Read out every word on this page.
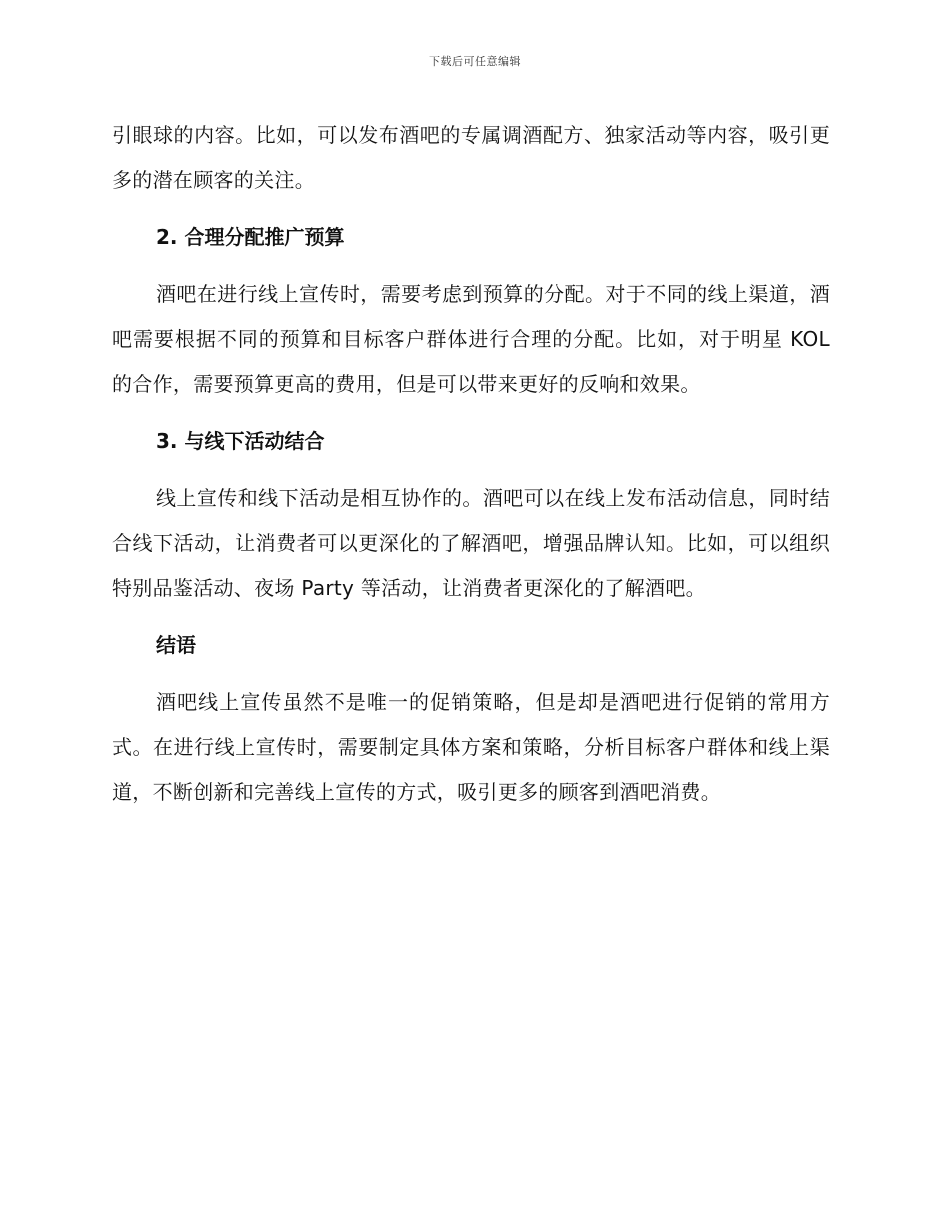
下载后可任意编辑

引眼球的内容。比如，可以发布酒吧的专属调酒配方、独家活动等内容，吸引更多的潜在顾客的关注。

2. 合理分配推广预算

酒吧在进行线上宣传时，需要考虑到预算的分配。对于不同的线上渠道，酒吧需要根据不同的预算和目标客户群体进行合理的分配。比如，对于明星 KOL 的合作，需要预算更高的费用，但是可以带来更好的反响和效果。

3. 与线下活动结合

线上宣传和线下活动是相互协作的。酒吧可以在线上发布活动信息，同时结合线下活动，让消费者可以更深化的了解酒吧，增强品牌认知。比如，可以组织特别品鉴活动、夜场 Party 等活动，让消费者更深化的了解酒吧。

结语

酒吧线上宣传虽然不是唯一的促销策略，但是却是酒吧进行促销的常用方式。在进行线上宣传时，需要制定具体方案和策略，分析目标客户群体和线上渠道，不断创新和完善线上宣传的方式，吸引更多的顾客到酒吧消费。
